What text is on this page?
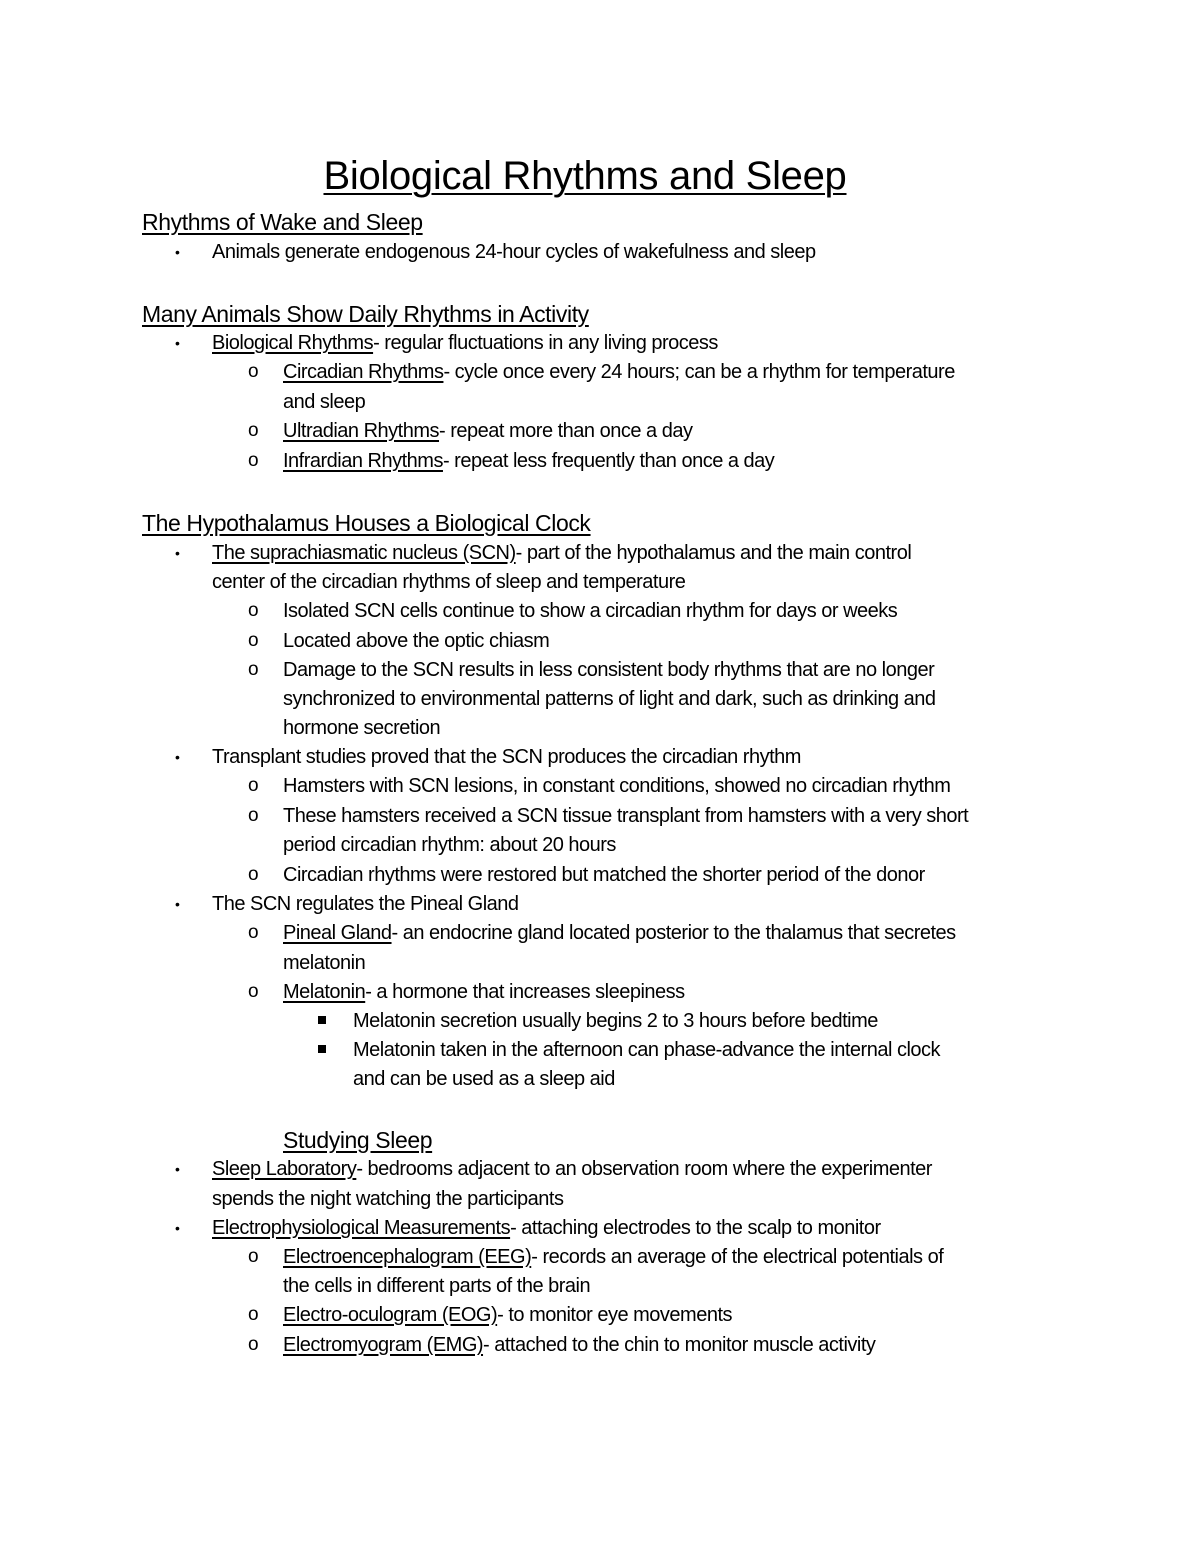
Biological Rhythms and Sleep
Rhythms of Wake and Sleep
• Animals generate endogenous 24-hour cycles of wakefulness and sleep
Many Animals Show Daily Rhythms in Activity
• Biological Rhythms- regular fluctuations in any living process
o Circadian Rhythms- cycle once every 24 hours; can be a rhythm for temperature
and sleep
o Ultradian Rhythms- repeat more than once a day
o Infrardian Rhythms- repeat less frequently than once a day
The Hypothalamus Houses a Biological Clock
• The suprachiasmatic nucleus (SCN)- part of the hypothalamus and the main control
center of the circadian rhythms of sleep and temperature
o Isolated SCN cells continue to show a circadian rhythm for days or weeks
o Located above the optic chiasm
o Damage to the SCN results in less consistent body rhythms that are no longer
synchronized to environmental patterns of light and dark, such as drinking and
hormone secretion
• Transplant studies proved that the SCN produces the circadian rhythm
o Hamsters with SCN lesions, in constant conditions, showed no circadian rhythm
o These hamsters received a SCN tissue transplant from hamsters with a very short
period circadian rhythm: about 20 hours
o Circadian rhythms were restored but matched the shorter period of the donor
• The SCN regulates the Pineal Gland
o Pineal Gland- an endocrine gland located posterior to the thalamus that secretes
melatonin
o Melatonin- a hormone that increases sleepiness
Melatonin secretion usually begins 2 to 3 hours before bedtime
Melatonin taken in the afternoon can phase-advance the internal clock
and can be used as a sleep aid
Studying Sleep
• Sleep Laboratory- bedrooms adjacent to an observation room where the experimenter
spends the night watching the participants
• Electrophysiological Measurements- attaching electrodes to the scalp to monitor
o Electroencephalogram (EEG)- records an average of the electrical potentials of
the cells in different parts of the brain
o Electro-oculogram (EOG)- to monitor eye movements
o Electromyogram (EMG)- attached to the chin to monitor muscle activity
